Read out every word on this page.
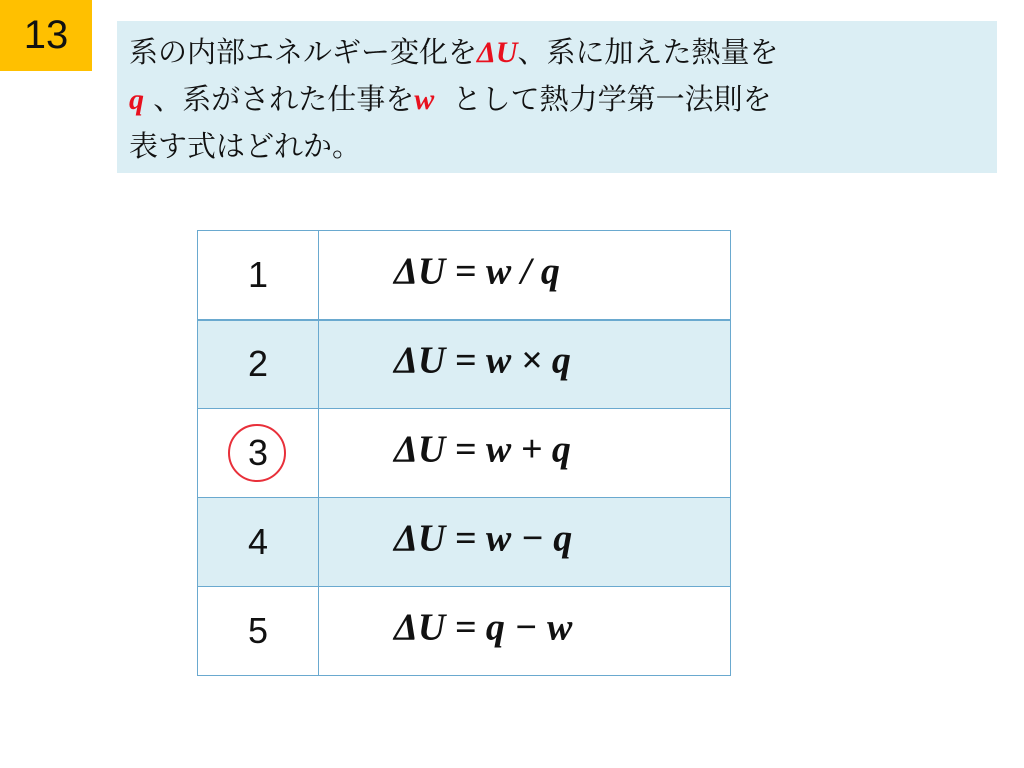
13 系の内部エネルギー変化をΔU、系に加えた熱量を
q 、系がされた仕事をw  として熱力学第一法則を
表す式はどれか。
1	ΔU = w / q

2	ΔU = w × q

3	ΔU = w + q

4	ΔU = w − q

5	ΔU = q − w
